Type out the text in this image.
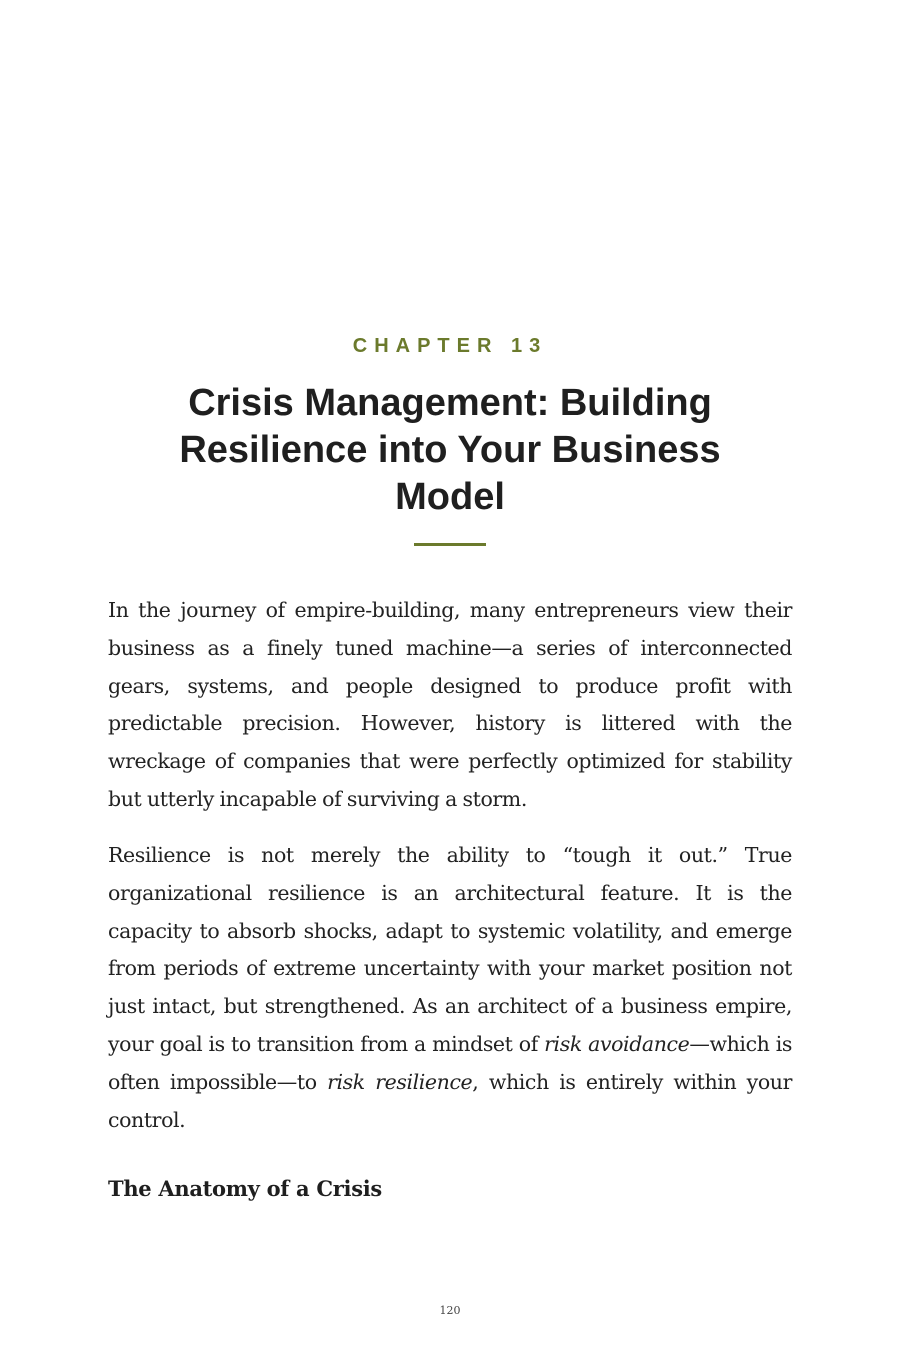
CHAPTER 13
Crisis Management: Building Resilience into Your Business Model

In the journey of empire-building, many entrepreneurs view their business as a finely tuned machine—a series of interconnected gears, systems, and people designed to produce profit with predictable precision. However, history is littered with the wreckage of companies that were perfectly optimized for stability but utterly incapable of surviving a storm.

Resilience is not merely the ability to “tough it out.” True organizational resilience is an architectural feature. It is the capacity to absorb shocks, adapt to systemic volatility, and emerge from periods of extreme uncertainty with your market position not just intact, but strengthened. As an architect of a business empire, your goal is to transition from a mindset of risk avoidance—which is often impossible—to risk resilience, which is entirely within your control.

The Anatomy of a Crisis
120
